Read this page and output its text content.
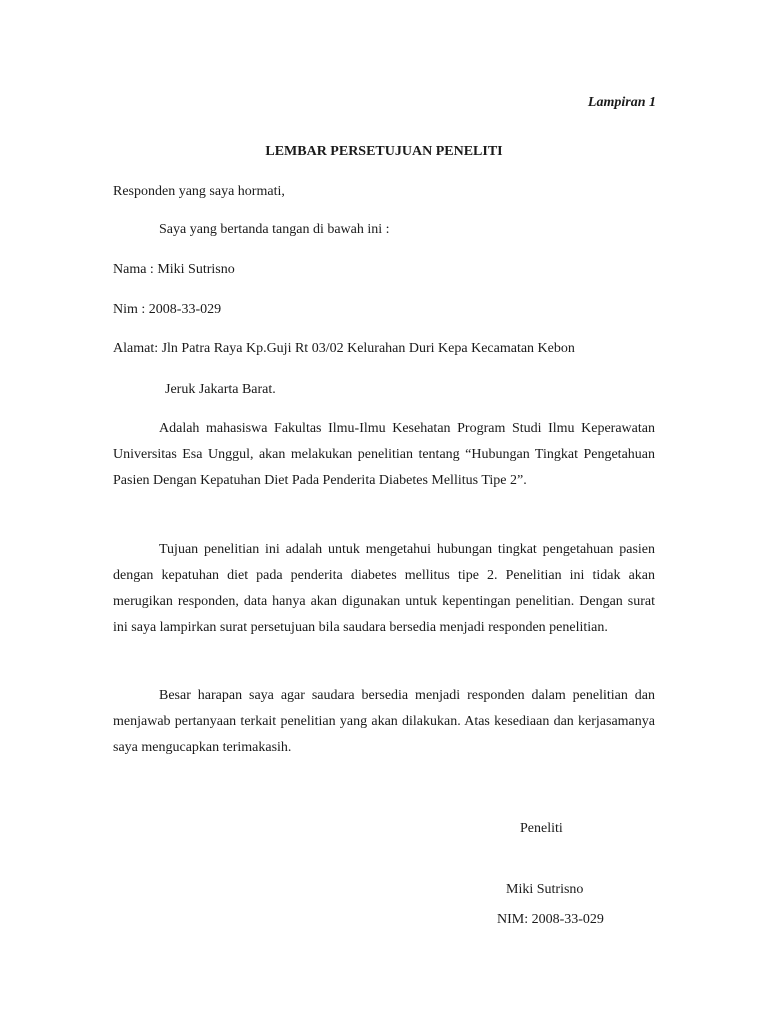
Lampiran 1
LEMBAR PERSETUJUAN PENELITI
Responden yang saya hormati,
Saya yang bertanda tangan di bawah ini :
Nama : Miki Sutrisno
Nim : 2008-33-029
Alamat: Jln Patra Raya Kp.Guji Rt 03/02 Kelurahan Duri Kepa Kecamatan Kebon
Jeruk Jakarta Barat.
Adalah mahasiswa Fakultas Ilmu-Ilmu Kesehatan Program Studi Ilmu Keperawatan Universitas Esa Unggul, akan melakukan penelitian tentang “Hubungan Tingkat Pengetahuan Pasien Dengan Kepatuhan Diet Pada Penderita Diabetes Mellitus Tipe 2”.
Tujuan penelitian ini adalah untuk mengetahui hubungan tingkat pengetahuan pasien dengan kepatuhan diet pada penderita diabetes mellitus tipe 2. Penelitian ini tidak akan merugikan responden, data hanya akan digunakan untuk kepentingan penelitian. Dengan surat ini saya lampirkan surat persetujuan bila saudara bersedia menjadi responden penelitian.
Besar harapan saya agar saudara bersedia menjadi responden dalam penelitian dan menjawab pertanyaan terkait penelitian yang akan dilakukan. Atas kesediaan dan kerjasamanya saya mengucapkan terimakasih.
Peneliti
Miki Sutrisno
NIM: 2008-33-029
